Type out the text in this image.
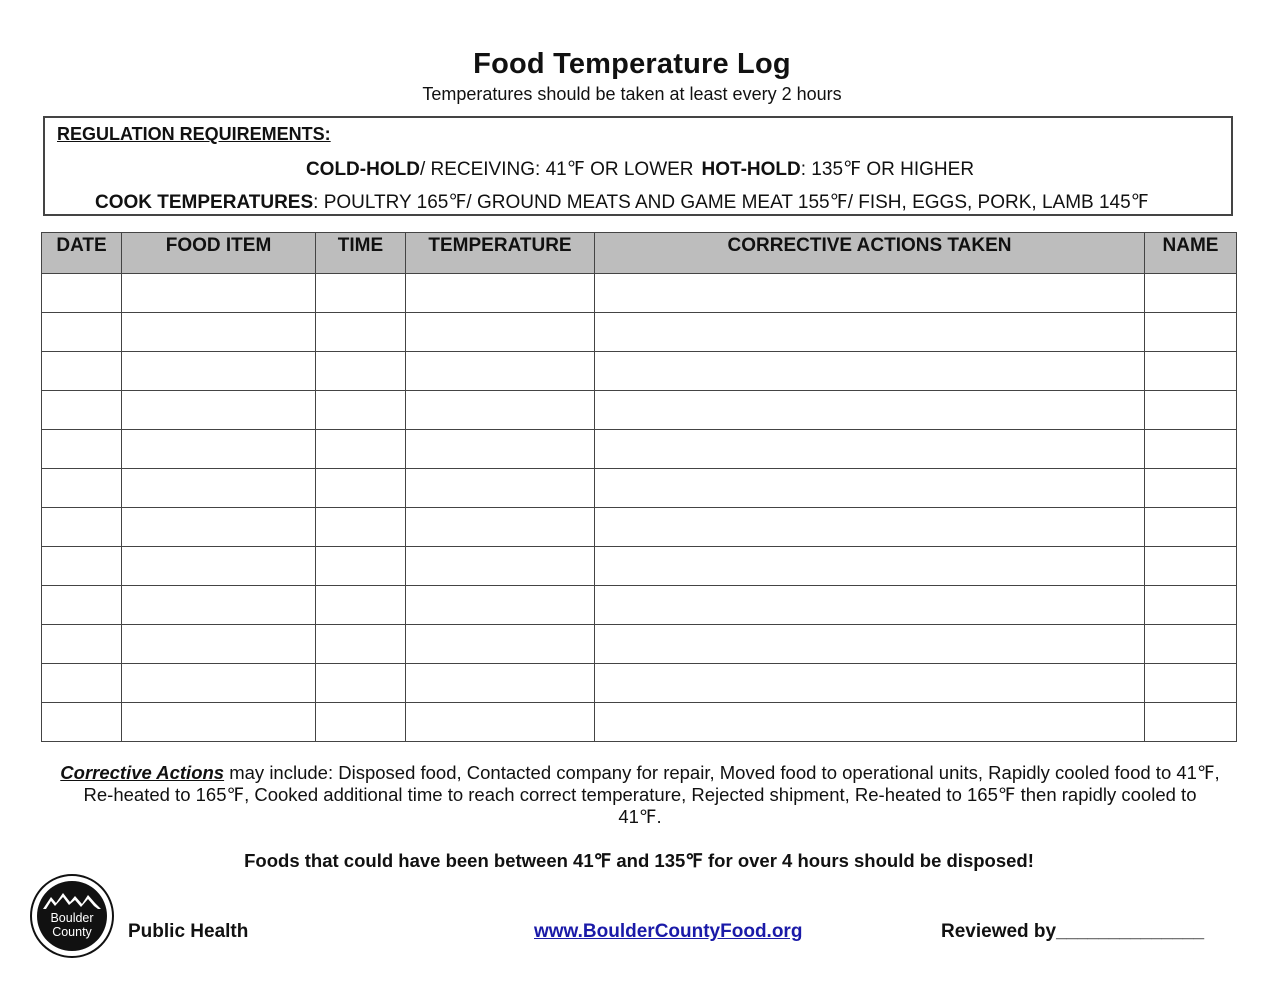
Food Temperature Log
Temperatures should be taken at least every 2 hours
REGULATION REQUIREMENTS:
COLD-HOLD/ RECEIVING: 41℉ OR LOWER HOT-HOLD: 135℉ OR HIGHER
COOK TEMPERATURES: POULTRY 165℉/ GROUND MEATS AND GAME MEAT 155℉/ FISH, EGGS, PORK, LAMB 145℉
DATE	FOOD ITEM	TIME	TEMPERATURE	CORRECTIVE ACTIONS TAKEN	NAME

Corrective Actions may include: Disposed food, Contacted company for repair, Moved food to operational units, Rapidly cooled food to 41℉, Re-heated to 165℉, Cooked additional time to reach correct temperature, Rejected shipment, Re-heated to 165℉ then rapidly cooled to 41℉.
Foods that could have been between 41℉ and 135℉ for over 4 hours should be disposed!
Boulder County	Public Health	www.BoulderCountyFood.org	Reviewed by______________
